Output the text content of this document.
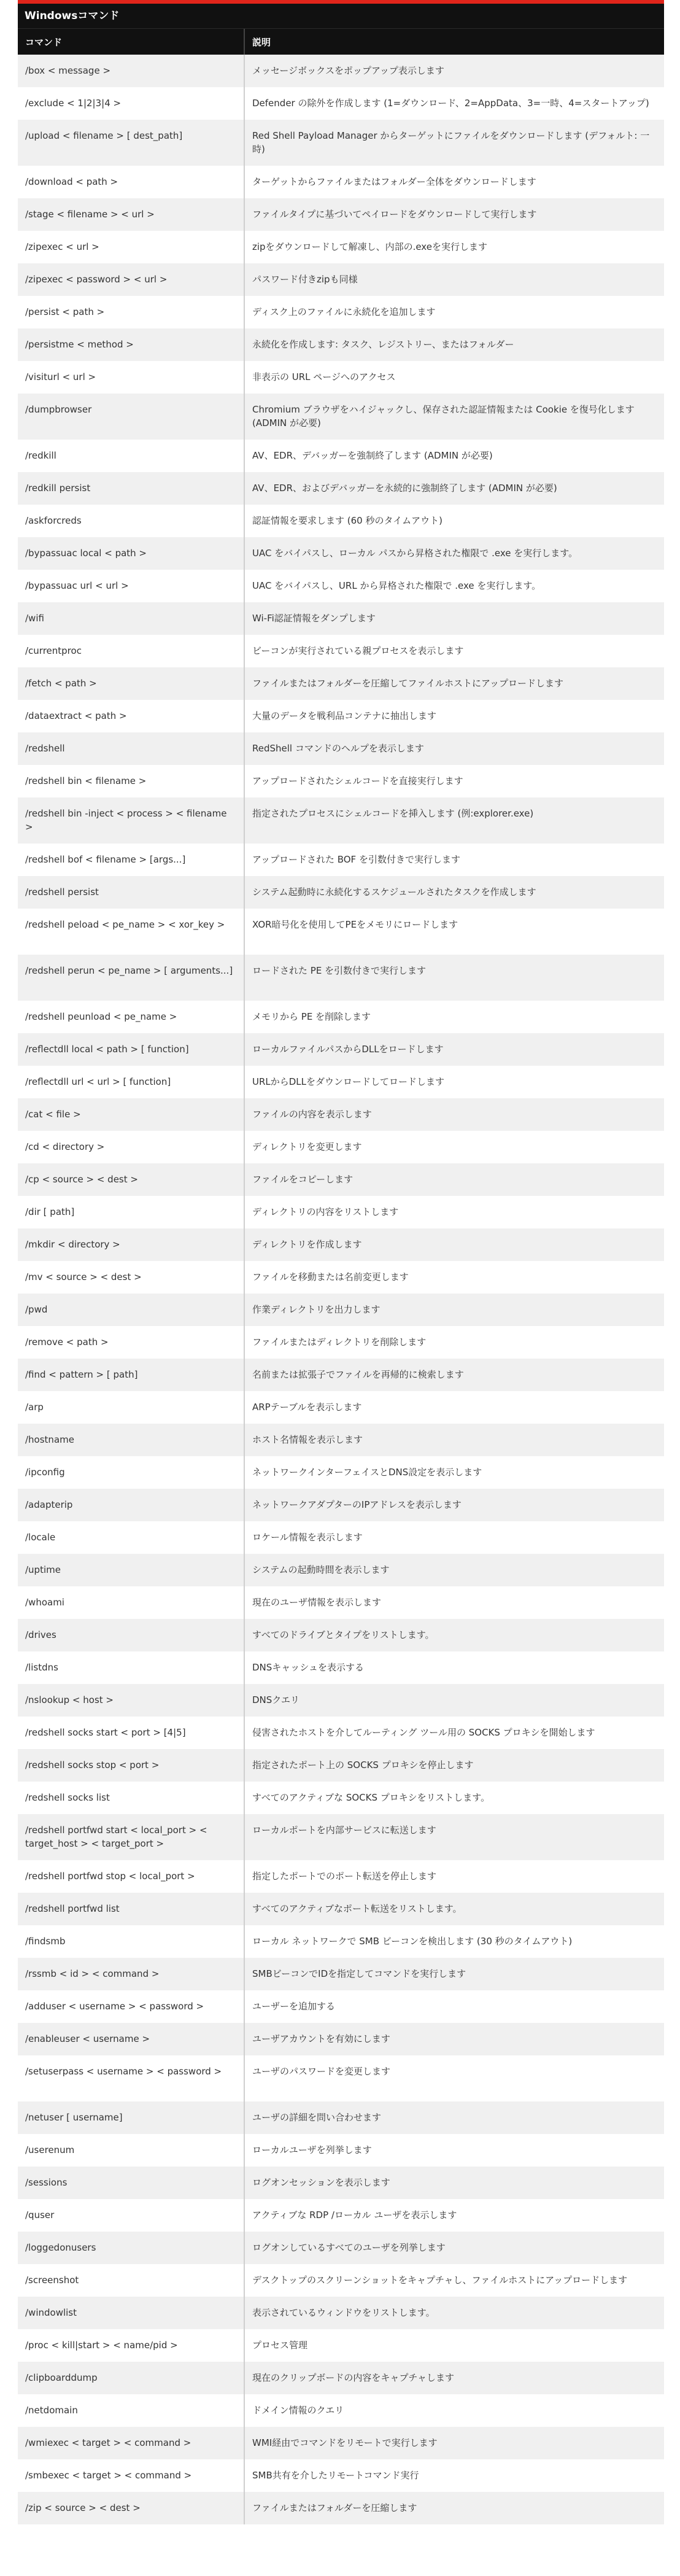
Windowsコマンド
コマンド	説明
/box < message >	メッセージボックスをポップアップ表示します
/exclude < 1|2|3|4 >	Defender の除外を作成します (1=ダウンロード、2=AppData、3=一時、4=スタートアップ)
/upload < filename > [ dest_path]	Red Shell Payload Manager からターゲットにファイルをダウンロードします (デフォルト: 一時)
/download < path >	ターゲットからファイルまたはフォルダー全体をダウンロードします
/stage < filename > < url >	ファイルタイプに基づいてペイロードをダウンロードして実行します
/zipexec < url >	zipをダウンロードして解凍し、内部の.exeを実行します
/zipexec < password > < url >	パスワード付きzipも同様
/persist < path >	ディスク上のファイルに永続化を追加します
/persistme < method >	永続化を作成します: タスク、レジストリー、またはフォルダー
/visiturl < url >	非表示の URL ページへのアクセス
/dumpbrowser	Chromium ブラウザをハイジャックし、保存された認証情報または Cookie を復号化します (ADMIN が必要)
/redkill	AV、EDR、デバッガーを強制終了します (ADMIN が必要)
/redkill persist	AV、EDR、およびデバッガーを永続的に強制終了します (ADMIN が必要)
/askforcreds	認証情報を要求します (60 秒のタイムアウト)
/bypassuac local < path >	UAC をバイパスし、ローカル パスから昇格された権限で .exe を実行します。
/bypassuac url < url >	UAC をバイパスし、URL から昇格された権限で .exe を実行します。
/wifi	Wi-Fi認証情報をダンプします
/currentproc	ビーコンが実行されている親プロセスを表示します
/fetch < path >	ファイルまたはフォルダーを圧縮してファイルホストにアップロードします
/dataextract < path >	大量のデータを戦利品コンテナに抽出します
/redshell	RedShell コマンドのヘルプを表示します
/redshell bin < filename >	アップロードされたシェルコードを直接実行します
/redshell bin -inject < process > < filename >	指定されたプロセスにシェルコードを挿入します (例:explorer.exe)
/redshell bof < filename > [args...]	アップロードされた BOF を引数付きで実行します
/redshell persist	システム起動時に永続化するスケジュールされたタスクを作成します
/redshell peload < pe_name > < xor_key >	XOR暗号化を使用してPEをメモリにロードします
/redshell perun < pe_name > [ arguments...]	ロードされた PE を引数付きで実行します
/redshell peunload < pe_name >	メモリから PE を削除します
/reflectdll local < path > [ function]	ローカルファイルパスからDLLをロードします
/reflectdll url < url > [ function]	URLからDLLをダウンロードしてロードします
/cat < file >	ファイルの内容を表示します
/cd < directory >	ディレクトリを変更します
/cp < source > < dest >	ファイルをコピーします
/dir [ path]	ディレクトリの内容をリストします
/mkdir < directory >	ディレクトリを作成します
/mv < source > < dest >	ファイルを移動または名前変更します
/pwd	作業ディレクトリを出力します
/remove < path >	ファイルまたはディレクトリを削除します
/find < pattern > [ path]	名前または拡張子でファイルを再帰的に検索します
/arp	ARPテーブルを表示します
/hostname	ホスト名情報を表示します
/ipconfig	ネットワークインターフェイスとDNS設定を表示します
/adapterip	ネットワークアダプターのIPアドレスを表示します
/locale	ロケール情報を表示します
/uptime	システムの起動時間を表示します
/whoami	現在のユーザ情報を表示します
/drives	すべてのドライブとタイプをリストします。
/listdns	DNSキャッシュを表示する
/nslookup < host >	DNSクエリ
/redshell socks start < port > [4|5]	侵害されたホストを介してルーティング ツール用の SOCKS プロキシを開始します
/redshell socks stop < port >	指定されたポート上の SOCKS プロキシを停止します
/redshell socks list	すべてのアクティブな SOCKS プロキシをリストします。
/redshell portfwd start < local_port > < target_host > < target_port >	ローカルポートを内部サービスに転送します
/redshell portfwd stop < local_port >	指定したポートでのポート転送を停止します
/redshell portfwd list	すべてのアクティブなポート転送をリストします。
/findsmb	ローカル ネットワークで SMB ビーコンを検出します (30 秒のタイムアウト)
/rssmb < id > < command >	SMBビーコンでIDを指定してコマンドを実行します
/adduser < username > < password >	ユーザーを追加する
/enableuser < username >	ユーザアカウントを有効にします
/setuserpass < username > < password >	ユーザのパスワードを変更します
/netuser [ username]	ユーザの詳細を問い合わせます
/userenum	ローカルユーザを列挙します
/sessions	ログオンセッションを表示します
/quser	アクティブな RDP /ローカル ユーザを表示します
/loggedonusers	ログオンしているすべてのユーザを列挙します
/screenshot	デスクトップのスクリーンショットをキャプチャし、ファイルホストにアップロードします
/windowlist	表示されているウィンドウをリストします。
/proc < kill|start > < name/pid >	プロセス管理
/clipboarddump	現在のクリップボードの内容をキャプチャします
/netdomain	ドメイン情報のクエリ
/wmiexec < target > < command >	WMI経由でコマンドをリモートで実行します
/smbexec < target > < command >	SMB共有を介したリモートコマンド実行
/zip < source > < dest >	ファイルまたはフォルダーを圧縮します
